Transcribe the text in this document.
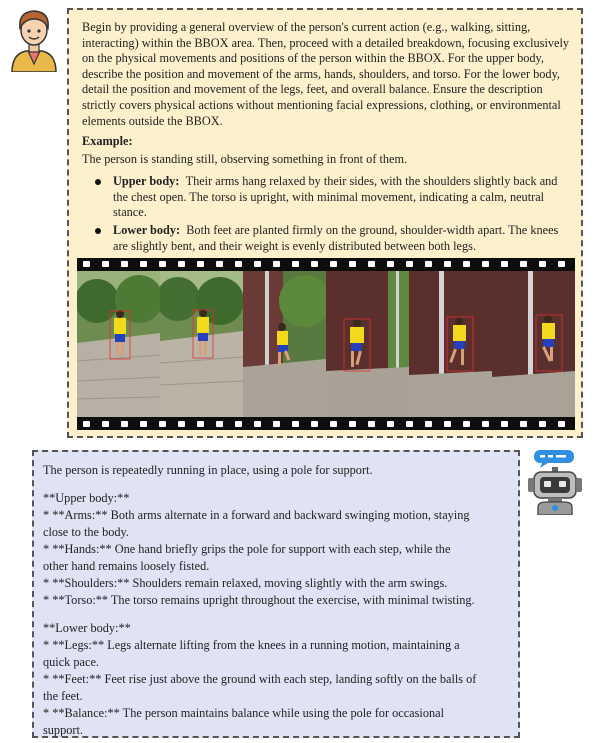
Begin by providing a general overview of the person's current action (e.g., walking, sitting, interacting) within the BBOX area. Then, proceed with a detailed breakdown, focusing exclusively on the physical movements and positions of the person within the BBOX. For the upper body, describe the position and movement of the arms, hands, shoulders, and torso. For the lower body, detail the position and movement of the legs, feet, and overall balance. Ensure the description strictly covers physical actions without mentioning facial expressions, clothing, or environmental elements outside the BBOX.
Example:
The person is standing still, observing something in front of them.
Upper body: Their arms hang relaxed by their sides, with the shoulders slightly back and the chest open. The torso is upright, with minimal movement, indicating a calm, neutral stance.
Lower body: Both feet are planted firmly on the ground, shoulder-width apart. The knees are slightly bent, and their weight is evenly distributed between both legs.
The person is repeatedly running in place, using a pole for support.
**Upper body:**
* **Arms:** Both arms alternate in a forward and backward swinging motion, staying
close to the body.
* **Hands:** One hand briefly grips the pole for support with each step, while the
other hand remains loosely fisted.
* **Shoulders:** Shoulders remain relaxed, moving slightly with the arm swings.
* **Torso:** The torso remains upright throughout the exercise, with minimal twisting.
**Lower body:**
* **Legs:** Legs alternate lifting from the knees in a running motion, maintaining a
quick pace.
* **Feet:** Feet rise just above the ground with each step, landing softly on the balls of
the feet.
* **Balance:** The person maintains balance while using the pole for occasional
support.
